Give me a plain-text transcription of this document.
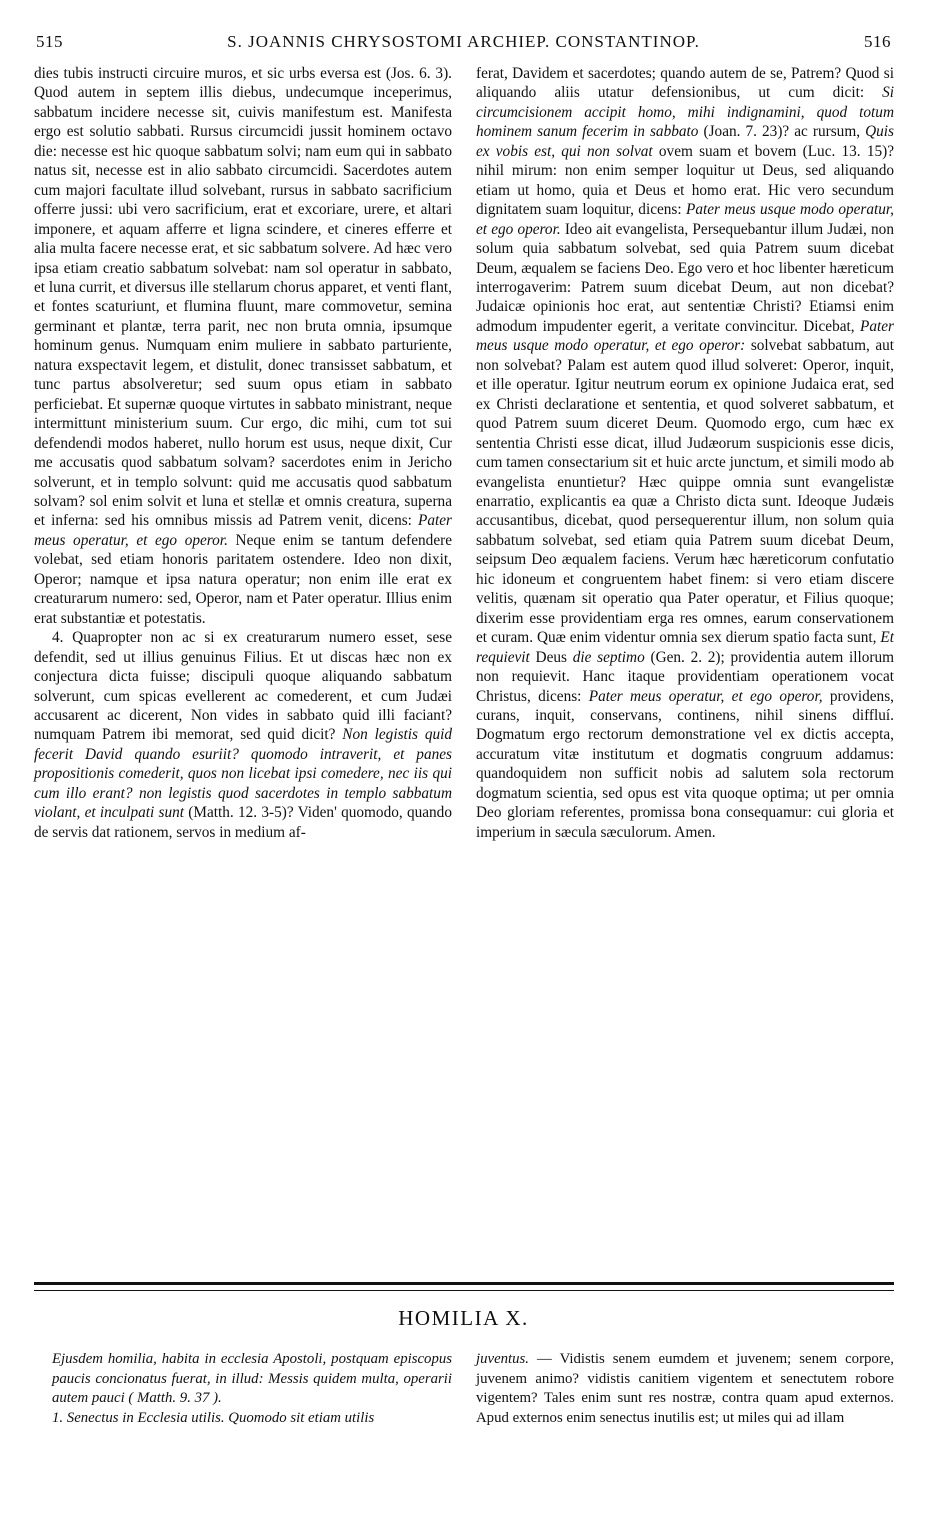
515	S. JOANNIS CHRYSOSTOMI ARCHIEP. CONSTANTINOP.	516

dies tubis instructi circuire muros, et sic urbs eversa est (Jos. 6. 3). Quod autem in septem illis diebus, undecumque inceperimus, sabbatum incidere necesse sit, cuivis manifestum est. Manifesta ergo est solutio sabbati. Rursus circumcidi jussit hominem octavo die: necesse est hic quoque sabbatum solvi; nam eum qui in sabbato natus sit, necesse est in alio sabbato circumcidi. Sacerdotes autem cum majori facultate illud solvebant, rursus in sabbato sacrificium offerre jussi: ubi vero sacrificium, erat et excoriare, urere, et altari imponere, et aquam afferre et ligna scindere, et cineres efferre et alia multa facere necesse erat, et sic sabbatum solvere. Ad hæc vero ipsa etiam creatio sabbatum solvebat: nam sol operatur in sabbato, et luna currit, et diversus ille stellarum chorus apparet, et venti flant, et fontes scaturiunt, et flumina fluunt, mare commovetur, semina germinant et plantæ, terra parit, nec non bruta omnia, ipsumque hominum genus. Numquam enim muliere in sabbato parturiente, natura exspectavit legem, et distulit, donec transisset sabbatum, et tunc partus absolveretur; sed suum opus etiam in sabbato perficiebat. Et supernæ quoque virtutes in sabbato ministrant, neque intermittunt ministerium suum. Cur ergo, dic mihi, cum tot sui defendendi modos haberet, nullo horum est usus, neque dixit, Cur me accusatis quod sabbatum solvam? sacerdotes enim in Jericho solverunt, et in templo solvunt: quid me accusatis quod sabbatum solvam? sol enim solvit et luna et stellæ et omnis creatura, superna et inferna: sed his omnibus missis ad Patrem venit, dicens: Pater meus operatur, et ego operor. Neque enim se tantum defendere volebat, sed etiam honoris paritatem ostendere. Ideo non dixit, Operor; namque et ipsa natura operatur; non enim ille erat ex creaturarum numero: sed, Operor, nam et Pater operatur. Illius enim erat substantiæ et potestatis.

4. Quapropter non ac si ex creaturarum numero esset, sese defendit, sed ut illius genuinus Filius. Et ut discas hæc non ex conjectura dicta fuisse; discipuli quoque aliquando sabbatum solverunt, cum spicas evellerent ac comederent, et cum Judæi accusarent ac dicerent, Non vides in sabbato quid illi faciant? numquam Patrem ibi memorat, sed quid dicit? Non legistis quid fecerit David quando esuriit? quomodo intraverit, et panes propositionis comederit, quos non licebat ipsi comedere, nec iis qui cum illo erant? non legistis quod sacerdotes in templo sabbatum violant, et inculpati sunt (Matth. 12. 3-5)? Viden' quomodo, quando de servis dat rationem, servos in medium af-

ferat, Davidem et sacerdotes; quando autem de se, Patrem? Quod si aliquando aliis utatur defensionibus, ut cum dicit: Si circumcisionem accipit homo, mihi indignamini, quod totum hominem sanum fecerim in sabbato (Joan. 7. 23)? ac rursum, Quis ex vobis est, qui non solvat ovem suam et bovem (Luc. 13. 15)? nihil mirum: non enim semper loquitur ut Deus, sed aliquando etiam ut homo, quia et Deus et homo erat. Hic vero secundum dignitatem suam loquitur, dicens: Pater meus usque modo operatur, et ego operor. Ideo ait evangelista, Persequebantur illum Judæi, non solum quia sabbatum solvebat, sed quia Patrem suum dicebat Deum, æqualem se faciens Deo. Ego vero et hoc libenter hæreticum interrogaverim: Patrem suum dicebat Deum, aut non dicebat? Judaicæ opinionis hoc erat, aut sententiæ Christi? Etiamsi enim admodum impudenter egerit, a veritate convincitur. Dicebat, Pater meus usque modo operatur, et ego operor: solvebat sabbatum, aut non solvebat? Palam est autem quod illud solveret: Operor, inquit, et ille operatur. Igitur neutrum eorum ex opinione Judaica erat, sed ex Christi declaratione et sententia, et quod solveret sabbatum, et quod Patrem suum diceret Deum. Quomodo ergo, cum hæc ex sententia Christi esse dicat, illud Judæorum suspicionis esse dicis, cum tamen consectarium sit et huic arcte junctum, et simili modo ab evangelista enuntietur? Hæc quippe omnia sunt evangelistæ enarratio, explicantis ea quæ a Christo dicta sunt. Ideoque Judæis accusantibus, dicebat, quod persequerentur illum, non solum quia sabbatum solvebat, sed etiam quia Patrem suum dicebat Deum, seipsum Deo æqualem faciens. Verum hæc hæreticorum confutatio hic idoneum et congruentem habet finem: si vero etiam discere velitis, quænam sit operatio qua Pater operatur, et Filius quoque; dixerim esse providentiam erga res omnes, earum conservationem et curam. Quæ enim videntur omnia sex dierum spatio facta sunt, Et requievit Deus die septimo (Gen. 2. 2); providentia autem illorum non requievit. Hanc itaque providentiam operationem vocat Christus, dicens: Pater meus operatur, et ego operor, providens, curans, inquit, conservans, continens, nihil sinens diffluí. Dogmatum ergo rectorum demonstratione vel ex dictis accepta, accuratum vitæ institutum et dogmatis congruum addamus: quandoquidem non sufficit nobis ad salutem sola rectorum dogmatum scientia, sed opus est vita quoque optima; ut per omnia Deo gloriam referentes, promissa bona consequamur: cui gloria et imperium in sæcula sæculorum. Amen.

HOMILIA X.

Ejusdem homilia, habita in ecclesia Apostoli, postquam episcopus paucis concionatus fuerat, in illud: Messis quidem multa, operarii autem pauci ( Matth. 9. 37 ).

1. Senectus in Ecclesia utilis. Quomodo sit etiam utilis

juventus. — Vidistis senem eumdem et juvenem; senem corpore, juvenem animo? vidistis canitiem vigentem et senectutem robore vigentem? Tales enim sunt res nostræ, contra quam apud externos. Apud externos enim senectus inutilis est; ut miles qui ad illam
